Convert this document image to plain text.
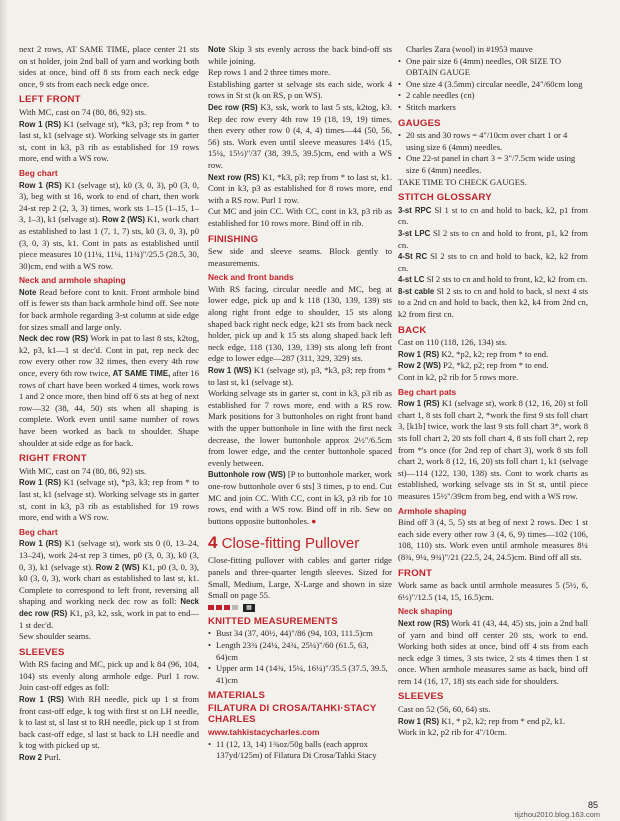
next 2 rows, AT SAME TIME, place center 21 sts on st holder, join 2nd ball of yarn and working both sides at once, bind off 8 sts from each neck edge once, 9 sts from each neck edge once.

LEFT FRONT

With MC, cast on 74 (80, 86, 92) sts.

Row 1 (RS) K1 (selvage st), *k3, p3; rep from * to last st, k1 (selvage st). Working selvage sts in garter st, cont in k3, p3 rib as established for 19 rows more, end with a WS row.

Beg chart

Row 1 (RS) K1 (selvage st), k0 (3, 0, 3), p0 (3, 0, 3), beg with st 16, work to end of chart, then work 24-st rep 2 (2, 3, 3) times, work sts 1–15 (1–15, 1–3, 1–3), k1 (selvage st). Row 2 (WS) K1, work chart as established to last 1 (7, 1, 7) sts, k0 (3, 0, 3), p0 (3, 0, 3) sts, k1. Cont in pats as established until piece measures 10 (11¼, 11¼, 11¾)"/25.5 (28.5, 30, 30)cm, end with a WS row.

Neck and armhole shaping

Note Read before cont to knit. Front armhole bind off is fewer sts than back armhole bind off. See note for back armhole regarding 3-st column at side edge for sizes small and large only.

Neck dec row (RS) Work in pat to last 8 sts, k2tog, k2, p3, k1—1 st dec'd. Cont in pat, rep neck dec row every other row 32 times, then every 4th row once, every 6th row twice, AT SAME TIME, after 16 rows of chart have been worked 4 times, work rows 1 and 2 once more, then bind off 6 sts at beg of next row—32 (38, 44, 50) sts when all shaping is complete. Work even until same number of rows have been worked as back to shoulder. Shape shoulder at side edge as for back.

RIGHT FRONT

With MC, cast on 74 (80, 86, 92) sts.

Row 1 (RS) K1 (selvage st), *p3, k3; rep from * to last st, k1 (selvage st). Working selvage sts in garter st, cont in k3, p3 rib as established for 19 rows more, end with a WS row.

Beg chart

Row 1 (RS) K1 (selvage st), work sts 0 (0, 13–24, 13–24), work 24-st rep 3 times, p0 (3, 0, 3), k0 (3, 0, 3), k1 (selvage st). Row 2 (WS) K1, p0 (3, 0, 3), k0 (3, 0, 3), work chart as established to last st, k1. Complete to correspond to left front, reversing all shaping and working neck dec row as foll: Neck dec row (RS) K1, p3, k2, ssk, work in pat to end—1 st dec'd.

Sew shoulder seams.

SLEEVES

With RS facing and MC, pick up and k 84 (96, 104, 104) sts evenly along armhole edge. Purl 1 row. Join cast-off edges as foll:

Row 1 (RS) With RH needle, pick up 1 st from front cast-off edge, k tog with first st on LH needle, k to last st, sl last st to RH needle, pick up 1 st from back cast-off edge, sl last st back to LH needle and k tog with picked up st.

Row 2 Purl.

Note Skip 3 sts evenly across the back bind-off sts while joining.

Rep rows 1 and 2 three times more.

Establishing garter st selvage sts each side, work 4 rows in St st (k on RS, p on WS).

Dec row (RS) K3, ssk, work to last 5 sts, k2tog, k3. Rep dec row every 4th row 19 (18, 19, 19) times, then every other row 0 (4, 4, 4) times—44 (50, 56, 56) sts. Work even until sleeve measures 14½ (15, 15¼, 15½)"/37 (38, 39.5, 39.5)cm, end with a WS row.

Next row (RS) K1, *k3, p3; rep from * to last st, k1. Cont in k3, p3 as established for 8 rows more, end with a RS row. Purl 1 row.

Cut MC and join CC. With CC, cont in k3, p3 rib as established for 10 rows more. Bind off in rib.

FINISHING

Sew side and sleeve seams. Block gently to measurements.

Neck and front bands

With RS facing, circular needle and MC, beg at lower edge, pick up and k 118 (130, 139, 139) sts along right front edge to shoulder, 15 sts along shaped back right neck edge, k21 sts from back neck holder, pick up and k 15 sts along shaped back left neck edge, 118 (130, 139, 139) sts along left front edge to lower edge—287 (311, 329, 329) sts.

Row 1 (WS) K1 (selvage st), p3, *k3, p3; rep from * to last st, k1 (selvage st).

Working selvage sts in garter st, cont in k3, p3 rib as established for 7 rows more, end with a RS row. Mark positions for 3 buttonholes on right front band with the upper buttonhole in line with the first neck decrease, the lower buttonhole approx 2½"/6.5cm from lower edge, and the center buttonhole spaced evenly between.

Buttonhole row (WS) [P to buttonhole marker, work one-row buttonhole over 6 sts] 3 times, p to end. Cut MC and join CC. With CC, cont in k3, p3 rib for 10 rows, end with a WS row. Bind off in rib. Sew on buttons opposite buttonholes. ●

4 Close-fitting Pullover

Close-fitting pullover with cables and garter ridge panels and three-quarter length sleeves. Sized for Small, Medium, Large, X-Large and shown in size Small on page 55.

▦
KNITTED MEASUREMENTS
• Bust 34 (37, 40½, 44)"/86 (94, 103, 111.5)cm
• Length 23¾ (24¼, 24¾, 25¼)"/60 (61.5, 63, 64)cm
• Upper arm 14 (14¾, 15¼, 16¼)"/35.5 (37.5, 39.5, 41)cm
MATERIALS
FILATURA DI CROSA/TAHKI·STACY CHARLES
www.tahkistacycharles.com
• 11 (12, 13, 14) 1¾oz/50g balls (each approx 137yd/125m) of Filatura Di Crosa/Tahki Stacy

Charles Zara (wool) in #1953 mauve

• One pair size 6 (4mm) needles, OR SIZE TO OBTAIN GAUGE
• One size 4 (3.5mm) circular needle, 24"/60cm long
• 2 cable needles (cn)
• Stitch markers
GAUGES
• 20 sts and 30 rows = 4"/10cm over chart 1 or 4 using size 6 (4mm) needles.
• One 22-st panel in chart 3 = 3"/7.5cm wide using size 6 (4mm) needles.

TAKE TIME TO CHECK GAUGES.

STITCH GLOSSARY

3-st RPC Sl 1 st to cn and hold to back, k2, p1 from cn.

3-st LPC Sl 2 sts to cn and hold to front, p1, k2 from cn.

4-St RC Sl 2 sts to cn and hold to back, k2, k2 from cn.

4-st LC Sl 2 sts to cn and hold to front, k2, k2 from cn.

8-st cable Sl 2 sts to cn and hold to back, sl next 4 sts to a 2nd cn and hold to back, then k2, k4 from 2nd cn, k2 from first cn.

BACK

Cast on 110 (118, 126, 134) sts.

Row 1 (RS) K2, *p2, k2; rep from * to end.

Row 2 (WS) P2, *k2, p2; rep from * to end.

Cont in k2, p2 rib for 5 rows more.

Beg chart pats

Row 1 (RS) K1 (selvage st), work 8 (12, 16, 20) st foll chart 1, 8 sts foll chart 2, *work the first 9 sts foll chart 3, [k1b] twice, work the last 9 sts foll chart 3*, work 8 sts foll chart 2, 20 sts foll chart 4, 8 sts foll chart 2, rep from *'s once (for 2nd rep of chart 3), work 8 sts foll chart 2, work 8 (12, 16, 20) sts foll chart 1, k1 (selvage st)—114 (122, 130, 138) sts. Cont to work charts as established, working selvage sts in St st, until piece measures 15½"/39cm from beg, end with a WS row.

Armhole shaping

Bind off 3 (4, 5, 5) sts at beg of next 2 rows. Dec 1 st each side every other row 3 (4, 6, 9) times—102 (106, 108, 110) sts. Work even until armhole measures 8¼ (8¾, 9¼, 9¾)"/21 (22.5, 24, 24.5)cm. Bind off all sts.

FRONT

Work same as back until armhole measures 5 (5½, 6, 6½)"/12.5 (14, 15, 16.5)cm.

Neck shaping

Next row (RS) Work 41 (43, 44, 45) sts, join a 2nd ball of yarn and bind off center 20 sts, work to end. Working both sides at once, bind off 4 sts from each neck edge 3 times, 3 sts twice, 2 sts 4 times then 1 st once. When armhole measures same as back, bind off rem 14 (16, 17, 18) sts each side for shoulders.

SLEEVES

Cast on 52 (56, 60, 64) sts.

Row 1 (RS) K1, * p2, k2; rep from * end p2, k1.

Work in k2, p2 rib for 4"/10cm.

85
tijzhou2010.blog.163.com
